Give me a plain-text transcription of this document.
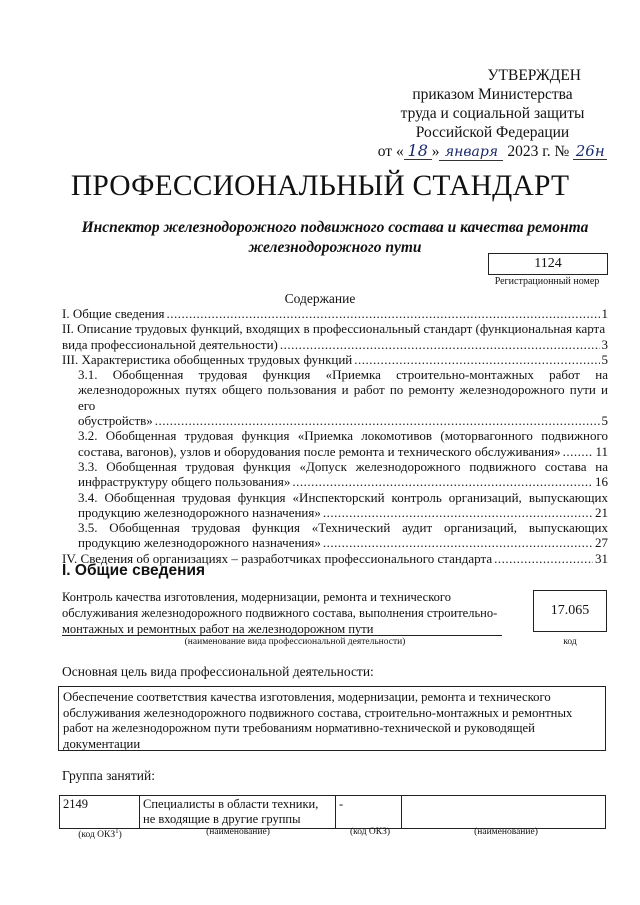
УТВЕРЖДЕН
приказом Министерства
труда и социальной защиты
Российской Федерации
от « 18 » января 2023 г. № 26н
ПРОФЕССИОНАЛЬНЫЙ СТАНДАРТ
Инспектор железнодорожного подвижного состава и качества ремонта железнодорожного пути
1124
Регистрационный номер
Содержание
I. Общие сведения .....	1
II. Описание трудовых функций, входящих в профессиональный стандарт (функциональная карта
вида профессиональной деятельности) .....	3
III. Характеристика обобщенных трудовых функций .....	5
3.1. Обобщенная трудовая функция «Приемка строительно-монтажных работ на железнодорожных путях общего пользования и работ по ремонту железнодорожного пути и его
обустройств» .....	5
3.2. Обобщенная трудовая функция «Приемка локомотивов (моторвагонного подвижного
состава, вагонов), узлов и оборудования после ремонта и технического обслуживания» .....	11
3.3. Обобщенная трудовая функция «Допуск железнодорожного подвижного состава на
инфраструктуру общего пользования» .....	16
3.4. Обобщенная трудовая функция «Инспекторский контроль организаций, выпускающих
продукцию железнодорожного назначения» .....	21
3.5. Обобщенная трудовая функция «Технический аудит организаций, выпускающих
продукцию железнодорожного назначения» .....	27
IV. Сведения об организациях – разработчиках профессионального стандарта .....	31
I. Общие сведения
Контроль качества изготовления, модернизации, ремонта и технического обслуживания железнодорожного подвижного состава, выполнения строительно-монтажных и ремонтных работ на железнодорожном пути
17.065
(наименование вида профессиональной деятельности)	код
Основная цель вида профессиональной деятельности:
Обеспечение соответствия качества изготовления, модернизации, ремонта и технического обслуживания железнодорожного подвижного состава, строительно-монтажных и ремонтных работ на железнодорожном пути требованиям нормативно-технической и руководящей документации
Группа занятий:
2149	Специалисты в области техники, не входящие в другие группы	-	
(код ОКЗ$^1$)	(наименование)	(код ОКЗ)	(наименование)
